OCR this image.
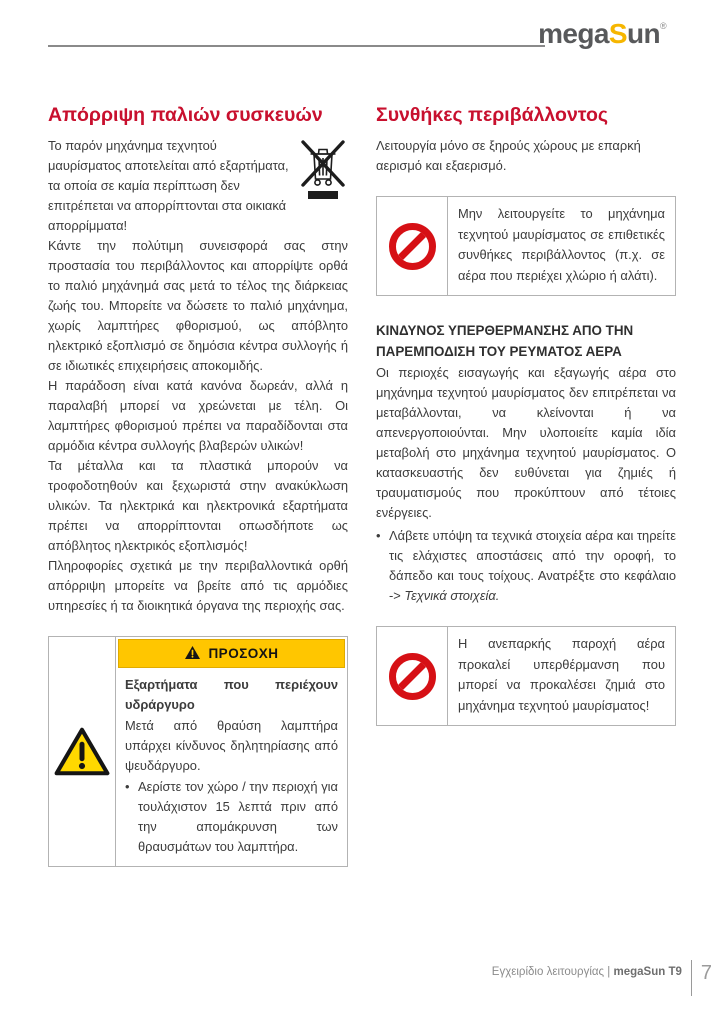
megaSun®
Απόρριψη παλιών συσκευών

Το παρόν μηχάνημα τεχνητού μαυρίσματος αποτελείται από εξαρτήματα, τα οποία σε καμία περίπτωση δεν επιτρέπεται να απορρίπτονται στα οικιακά απορρίμματα!

Κάντε την πολύτιμη συνεισφορά σας στην προστασία του περιβάλλοντος και απορρίψτε ορθά το παλιό μηχάνημά σας μετά το τέλος της διάρκειας ζωής του. Μπορείτε να δώσετε το παλιό μηχάνημα, χωρίς λαμπτήρες φθορισμού, ως απόβλητο ηλεκτρικό εξοπλισμό σε δημόσια κέντρα συλλογής ή σε ιδιωτικές επιχειρήσεις αποκομιδής.

Η παράδοση είναι κατά κανόνα δωρεάν, αλλά η παραλαβή μπορεί να χρεώνεται με τέλη. Οι λαμπτήρες φθορισμού πρέπει να παραδίδονται στα αρμόδια κέντρα συλλογής βλαβερών υλικών!

Τα μέταλλα και τα πλαστικά μπορούν να τροφοδοτηθούν και ξεχωριστά στην ανακύκλωση υλικών. Τα ηλεκτρικά και ηλεκτρονικά εξαρτήματα πρέπει να απορρίπτονται οπωσδήποτε ως απόβλητος ηλεκτρικός εξοπλισμός!

Πληροφορίες σχετικά με την περιβαλλοντικά ορθή απόρριψη μπορείτε να βρείτε από τις αρμόδιες υπηρεσίες ή τα διοικητικά όργανα της περιοχής σας.

ΠΡΟΣΟΧΗ

Εξαρτήματα που περιέχουν υδράργυρο

Μετά από θραύση λαμπτήρα υπάρχει κίνδυνος δηλητηρίασης από ψευδάργυρο.

• Αερίστε τον χώρο / την περιοχή για τουλάχιστον 15 λεπτά πριν από την απομάκρυνση των θραυσμάτων του λαμπτήρα.
Συνθήκες περιβάλλοντος

Λειτουργία μόνο σε ξηρούς χώρους με επαρκή αερισμό και εξαερισμό.

Μην λειτουργείτε το μηχάνημα τεχνητού μαυρίσματος σε επιθετικές συνθήκες περιβάλλοντος (π.χ. σε αέρα που περιέχει χλώριο ή αλάτι).
ΚΙΝΔΥΝΟΣ ΥΠΕΡΘΕΡΜΑΝΣΗΣ ΑΠΟ ΤΗΝ ΠΑΡΕΜΠΟΔΙΣΗ ΤΟΥ ΡΕΥΜΑΤΟΣ ΑΕΡΑ

Οι περιοχές εισαγωγής και εξαγωγής αέρα στο μηχάνημα τεχνητού μαυρίσματος δεν επιτρέπεται να μεταβάλλονται, να κλείνονται ή να απενεργοποιούνται. Μην υλοποιείτε καμία ιδία μεταβολή στο μηχάνημα τεχνητού μαυρίσματος. Ο κατασκευαστής δεν ευθύνεται για ζημιές ή τραυματισμούς που προκύπτουν από τέτοιες ενέργειες.

• Λάβετε υπόψη τα τεχνικά στοιχεία αέρα και τηρείτε τις ελάχιστες αποστάσεις από την οροφή, το δάπεδο και τους τοίχους. Ανατρέξτε στο κεφάλαιο -> Τεχνικά στοιχεία.
Η ανεπαρκής παροχή αέρα προκαλεί υπερθέρμανση που μπορεί να προκαλέσει ζημιά στο μηχάνημα τεχνητού μαυρίσματος!
Εγχειρίδιο λειτουργίας | megaSun T9 7
